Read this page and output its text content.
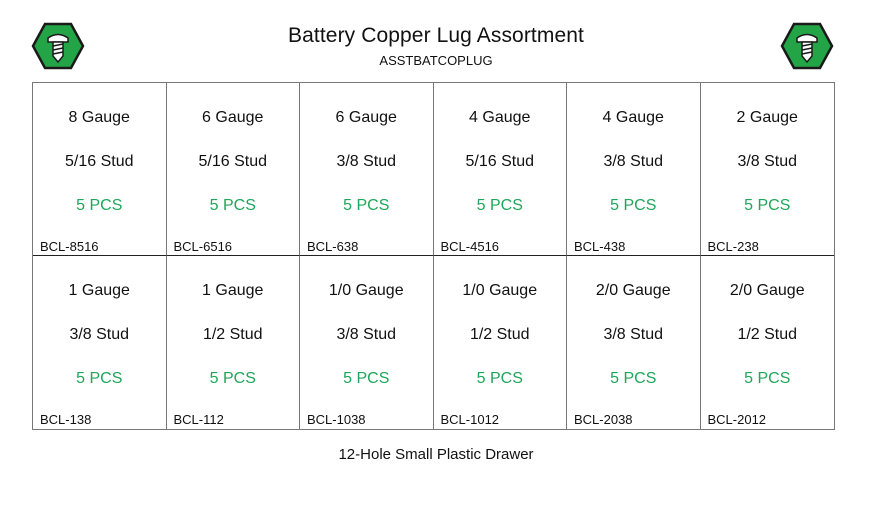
Battery Copper Lug Assortment
ASSTBATCOPLUG
8 Gauge
5/16 Stud
5 PCS
BCL-8516
6 Gauge
5/16 Stud
5 PCS
BCL-6516
6 Gauge
3/8 Stud
5 PCS
BCL-638
4 Gauge
5/16 Stud
5 PCS
BCL-4516
4 Gauge
3/8 Stud
5 PCS
BCL-438
2 Gauge
3/8 Stud
5 PCS
BCL-238
1 Gauge
3/8 Stud
5 PCS
BCL-138
1 Gauge
1/2 Stud
5 PCS
BCL-112
1/0 Gauge
3/8 Stud
5 PCS
BCL-1038
1/0 Gauge
1/2 Stud
5 PCS
BCL-1012
2/0 Gauge
3/8 Stud
5 PCS
BCL-2038
2/0 Gauge
1/2 Stud
5 PCS
BCL-2012
12-Hole Small Plastic Drawer
